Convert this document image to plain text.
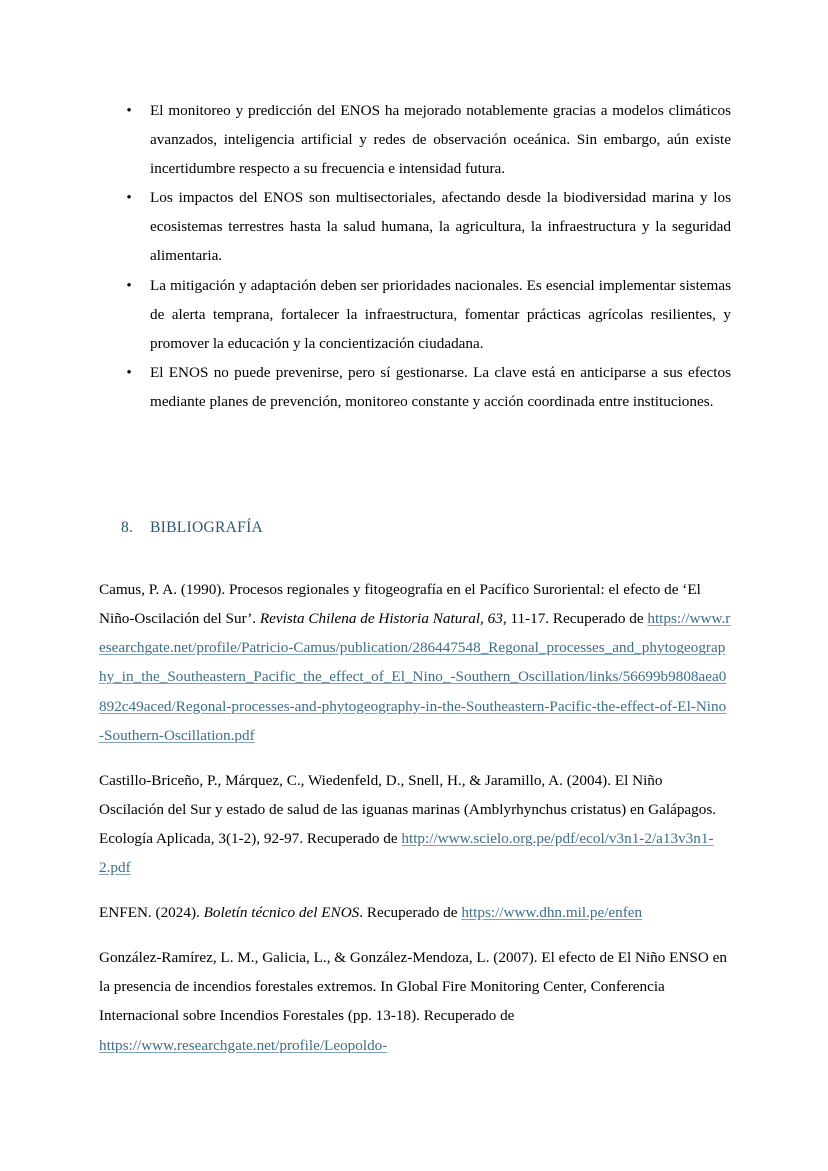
• El monitoreo y predicción del ENOS ha mejorado notablemente gracias a modelos climáticos avanzados, inteligencia artificial y redes de observación oceánica. Sin embargo, aún existe incertidumbre respecto a su frecuencia e intensidad futura.
• Los impactos del ENOS son multisectoriales, afectando desde la biodiversidad marina y los ecosistemas terrestres hasta la salud humana, la agricultura, la infraestructura y la seguridad alimentaria.
• La mitigación y adaptación deben ser prioridades nacionales. Es esencial implementar sistemas de alerta temprana, fortalecer la infraestructura, fomentar prácticas agrícolas resilientes, y promover la educación y la concientización ciudadana.
• El ENOS no puede prevenirse, pero sí gestionarse. La clave está en anticiparse a sus efectos mediante planes de prevención, monitoreo constante y acción coordinada entre instituciones.
8. BIBLIOGRAFÍA

Camus, P. A. (1990). Procesos regionales y fitogeografía en el Pacífico Suroriental: el efecto de ‘El Niño-Oscilación del Sur’. Revista Chilena de Historia Natural, 63, 11-17. Recuperado de https://www.researchgate.net/profile/Patricio-Camus/publication/286447548_Regonal_processes_and_phytogeography_in_the_Southeastern_Pacific_the_effect_of_El_Nino_-Southern_Oscillation/links/56699b9808aea0892c49aced/Regonal-processes-and-phytogeography-in-the-Southeastern-Pacific-the-effect-of-El-Nino-Southern-Oscillation.pdf

Castillo-Briceño, P., Márquez, C., Wiedenfeld, D., Snell, H., & Jaramillo, A. (2004). El Niño Oscilación del Sur y estado de salud de las iguanas marinas (Amblyrhynchus cristatus) en Galápagos. Ecología Aplicada, 3(1-2), 92-97. Recuperado de http://www.scielo.org.pe/pdf/ecol/v3n1-2/a13v3n1-2.pdf

ENFEN. (2024). Boletín técnico del ENOS. Recuperado de https://www.dhn.mil.pe/enfen

González-Ramírez, L. M., Galicia, L., & González-Mendoza, L. (2007). El efecto de El Niño ENSO en la presencia de incendios forestales extremos. In Global Fire Monitoring Center, Conferencia Internacional sobre Incendios Forestales (pp. 13-18). Recuperado de https://www.researchgate.net/profile/Leopoldo-
